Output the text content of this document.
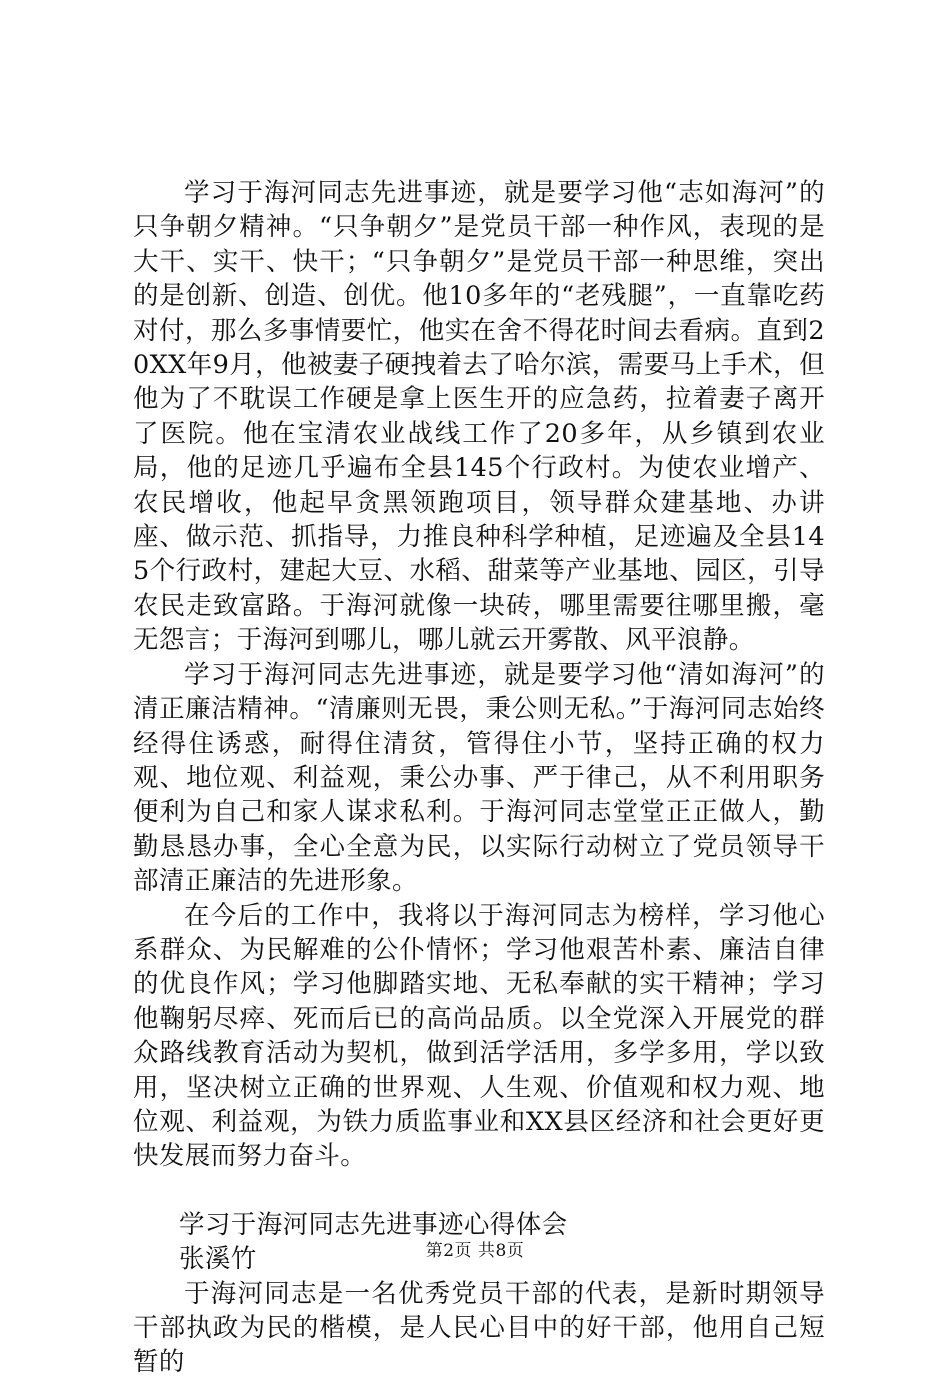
学习于海河同志先进事迹，就是要学习他“志如海河”的只争朝夕精神。“只争朝夕”是党员干部一种作风，表现的是大干、实干、快干；“只争朝夕”是党员干部一种思维，突出的是创新、创造、创优。他10多年的“老残腿”，一直靠吃药对付，那么多事情要忙，他实在舍不得花时间去看病。直到20XX年9月，他被妻子硬拽着去了哈尔滨，需要马上手术，但他为了不耽误工作硬是拿上医生开的应急药，拉着妻子离开了医院。他在宝清农业战线工作了20多年，从乡镇到农业局，他的足迹几乎遍布全县145个行政村。为使农业增产、农民增收，他起早贪黑领跑项目，领导群众建基地、办讲座、做示范、抓指导，力推良种科学种植，足迹遍及全县145个行政村，建起大豆、水稻、甜菜等产业基地、园区，引导农民走致富路。于海河就像一块砖，哪里需要往哪里搬，毫无怨言；于海河到哪儿，哪儿就云开雾散、风平浪静。

学习于海河同志先进事迹，就是要学习他“清如海河”的清正廉洁精神。“清廉则无畏，秉公则无私。”于海河同志始终经得住诱惑，耐得住清贫，管得住小节，坚持正确的权力观、地位观、利益观，秉公办事、严于律己，从不利用职务便利为自己和家人谋求私利。于海河同志堂堂正正做人，勤勤恳恳办事，全心全意为民，以实际行动树立了党员领导干部清正廉洁的先进形象。

在今后的工作中，我将以于海河同志为榜样，学习他心系群众、为民解难的公仆情怀；学习他艰苦朴素、廉洁自律的优良作风；学习他脚踏实地、无私奉献的实干精神；学习他鞠躬尽瘁、死而后已的高尚品质。以全党深入开展党的群众路线教育活动为契机，做到活学活用，多学多用，学以致用，坚决树立正确的世界观、人生观、价值观和权力观、地位观、利益观，为铁力质监事业和XX县区经济和社会更好更快发展而努力奋斗。

学习于海河同志先进事迹心得体会

张溪竹

于海河同志是一名优秀党员干部的代表，是新时期领导干部执政为民的楷模，是人民心目中的好干部，他用自己短暂的

第2页 共8页
